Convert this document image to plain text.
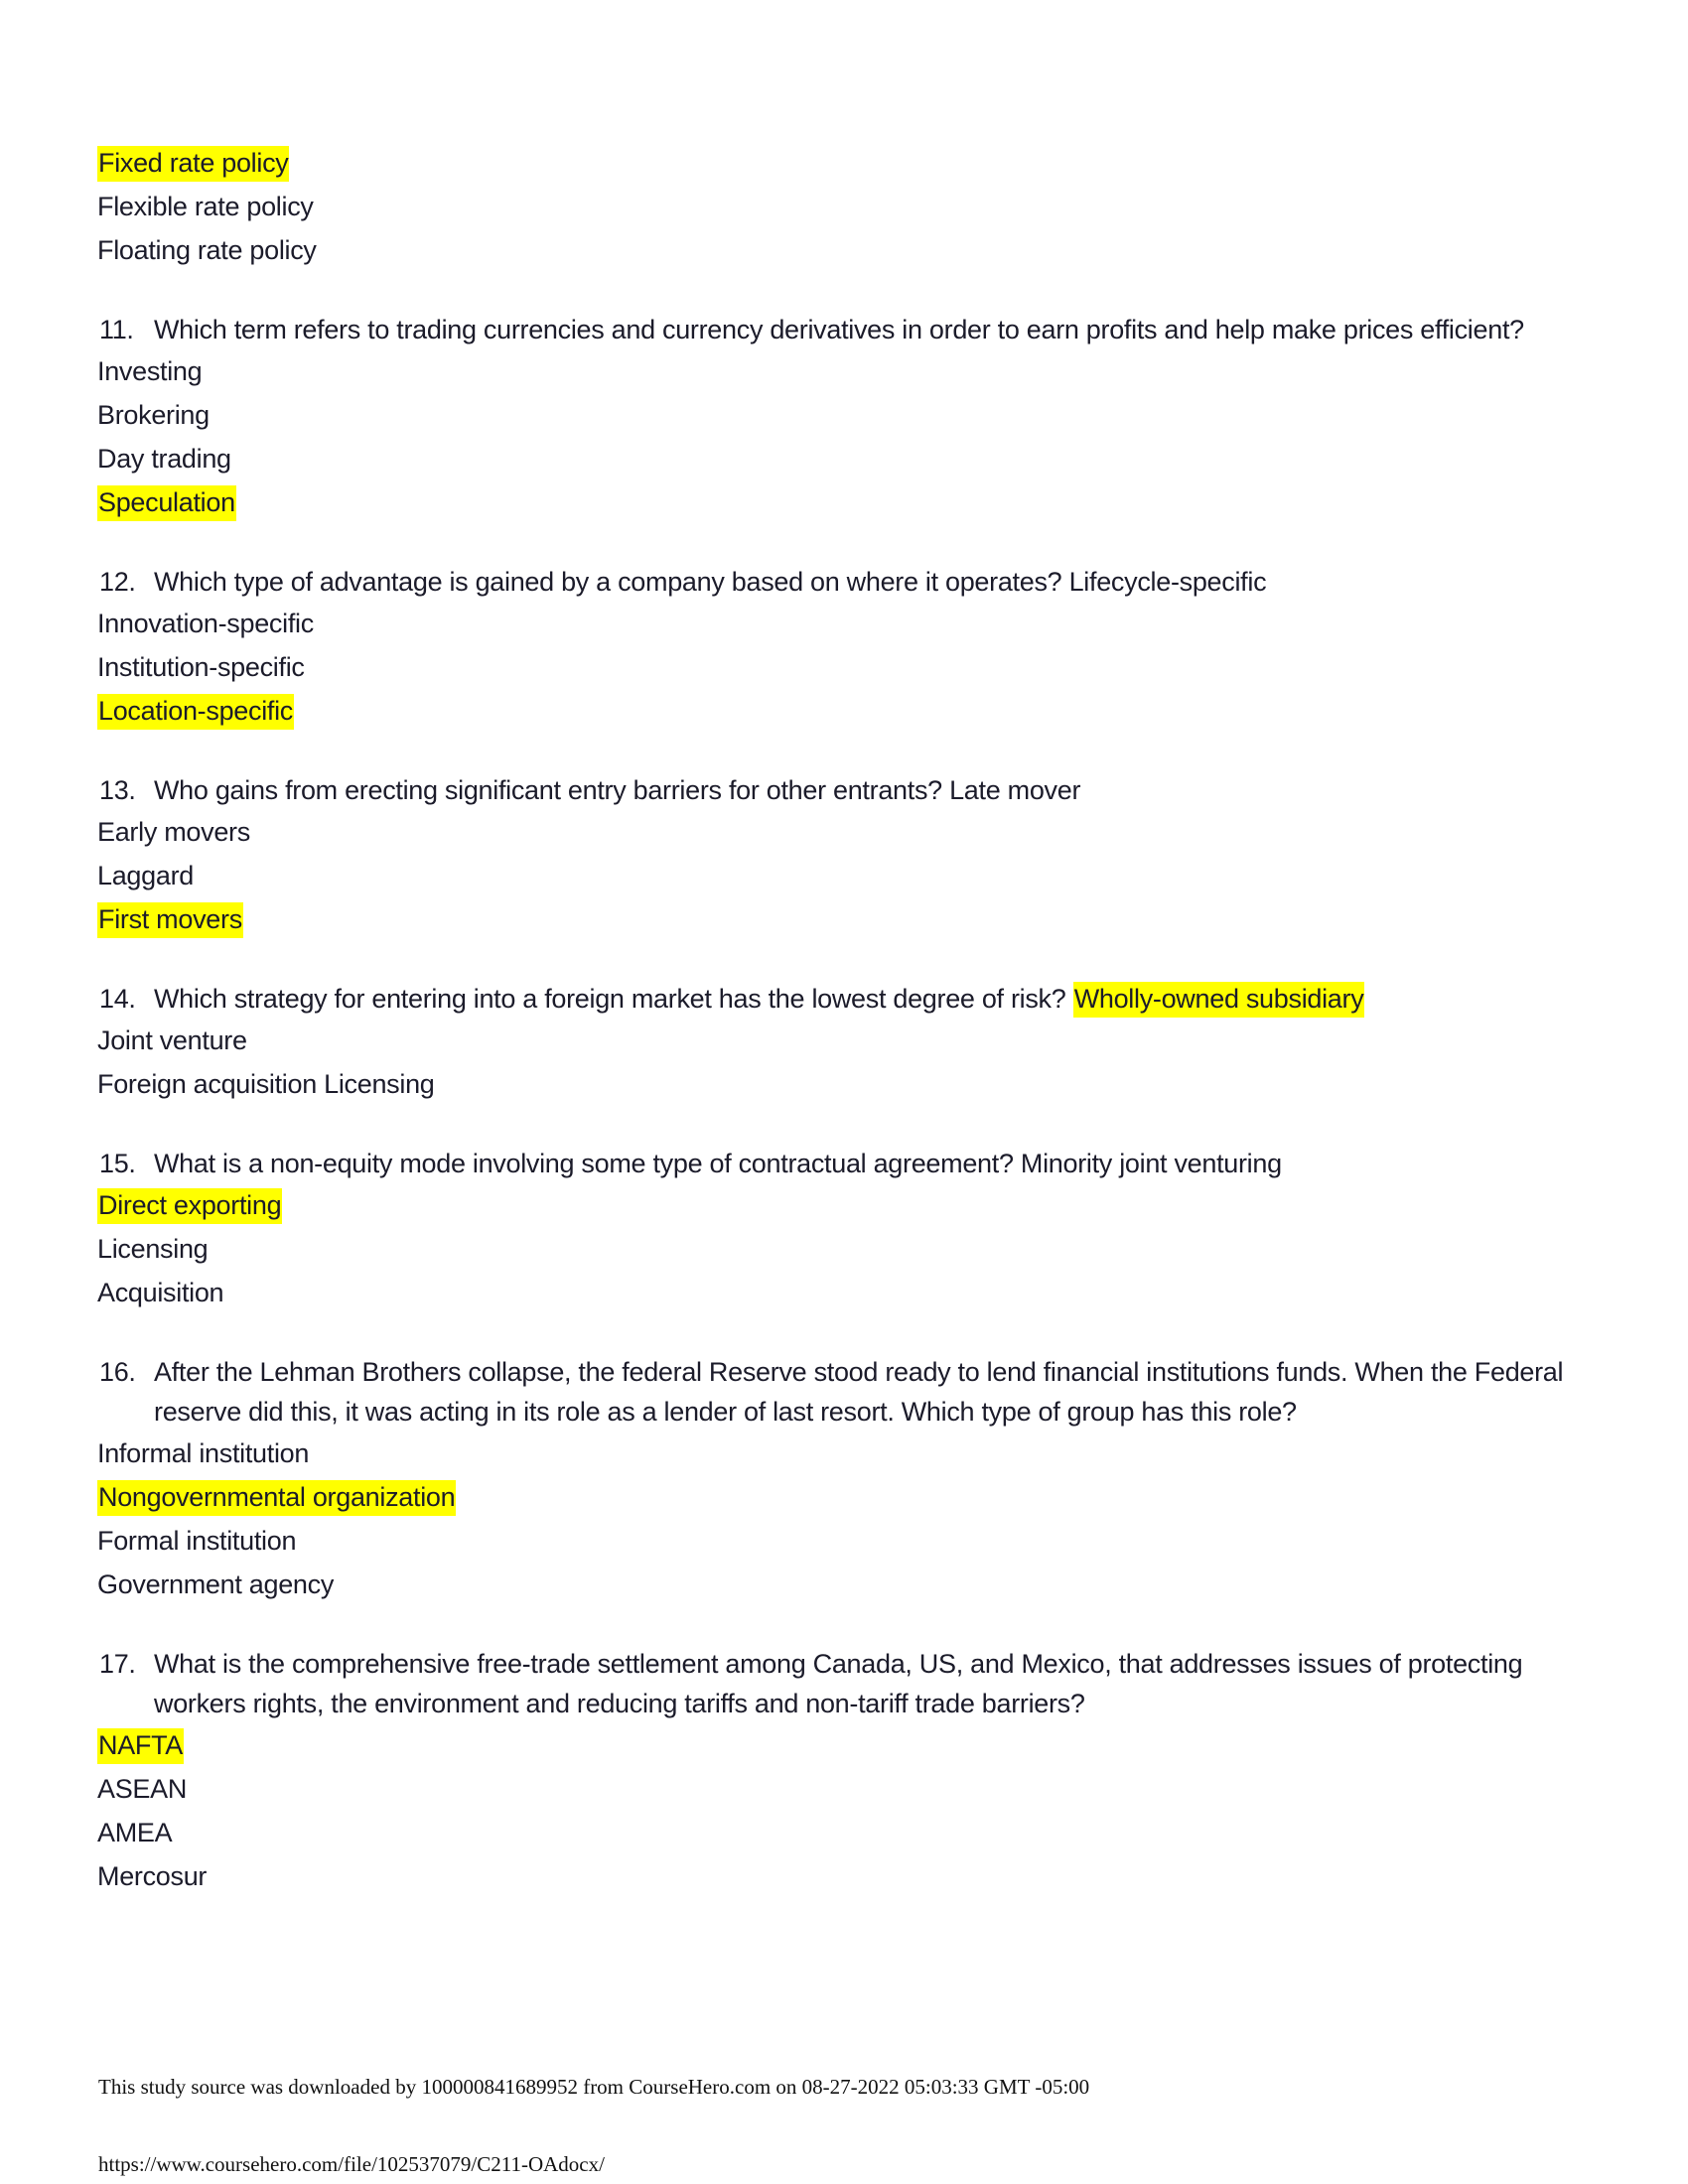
Fixed rate policy
Flexible rate policy
Floating rate policy
11. Which term refers to trading currencies and currency derivatives in order to earn profits and help make prices efficient?
Investing
Brokering
Day trading
Speculation
12. Which type of advantage is gained by a company based on where it operates? Lifecycle-specific
Innovation-specific
Institution-specific
Location-specific
13. Who gains from erecting significant entry barriers for other entrants? Late mover
Early movers
Laggard
First movers
14. Which strategy for entering into a foreign market has the lowest degree of risk? Wholly-owned subsidiary
Joint venture
Foreign acquisition Licensing
15. What is a non-equity mode involving some type of contractual agreement? Minority joint venturing
Direct exporting
Licensing
Acquisition
16. After the Lehman Brothers collapse, the federal Reserve stood ready to lend financial institutions funds. When the Federal reserve did this, it was acting in its role as a lender of last resort. Which type of group has this role?
Informal institution
Nongovernmental organization
Formal institution
Government agency
17. What is the comprehensive free-trade settlement among Canada, US, and Mexico, that addresses issues of protecting workers rights, the environment and reducing tariffs and non-tariff trade barriers?
NAFTA
ASEAN
AMEA
Mercosur
This study source was downloaded by 100000841689952 from CourseHero.com on 08-27-2022 05:03:33 GMT -05:00
https://www.coursehero.com/file/102537079/C211-OAdocx/
